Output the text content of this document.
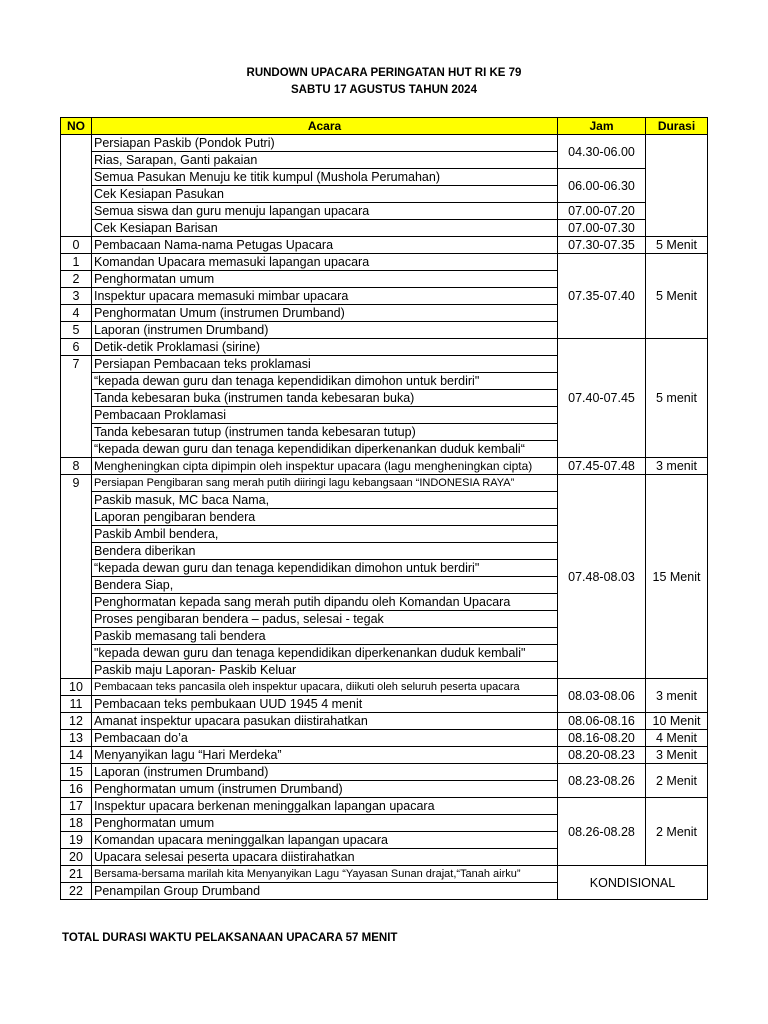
RUNDOWN UPACARA PERINGATAN HUT RI KE 79
SABTU 17 AGUSTUS TAHUN 2024
NO	Acara	Jam	Durasi
	Persiapan Paskib (Pondok Putri)	04.30-06.00	
	Rias, Sarapan, Ganti pakaian		
	Semua Pasukan Menuju ke titik kumpul (Mushola Perumahan)	06.00-06.30	
	Cek Kesiapan Pasukan		
	Semua siswa dan guru menuju lapangan upacara	07.00-07.20	
	Cek Kesiapan Barisan	07.00-07.30	
0	Pembacaan Nama-nama Petugas Upacara	07.30-07.35	5 Menit
1	Komandan Upacara memasuki lapangan upacara	07.35-07.40	5 Menit
2	Penghormatan umum		
3	Inspektur upacara memasuki mimbar upacara		
4	Penghormatan Umum (instrumen Drumband)		
5	Laporan (instrumen Drumband)		
6	Detik-detik Proklamasi (sirine)	07.40-07.45	5 menit
7	Persiapan Pembacaan teks proklamasi		
	“kepada dewan guru dan tenaga kependidikan dimohon untuk berdiri"		
	Tanda kebesaran buka (instrumen tanda kebesaran buka)		
	Pembacaan Proklamasi		
	Tanda kebesaran tutup (instrumen tanda kebesaran tutup)		
	“kepada dewan guru dan tenaga kependidikan diperkenankan duduk kembali“		
8	Mengheningkan cipta dipimpin oleh inspektur upacara (lagu mengheningkan cipta)	07.45-07.48	3 menit
9	Persiapan Pengibaran sang merah putih diiringi lagu kebangsaan “INDONESIA RAYA”	07.48-08.03	15 Menit
	Paskib masuk, MC baca Nama,		
	Laporan pengibaran bendera		
	Paskib Ambil bendera,		
	Bendera diberikan		
	“kepada dewan guru dan tenaga kependidikan dimohon untuk berdiri"		
	Bendera Siap,		
	Penghormatan kepada sang merah putih dipandu oleh Komandan Upacara		
	Proses pengibaran bendera – padus, selesai - tegak		
	Paskib memasang tali bendera		
	"kepada dewan guru dan tenaga kependidikan diperkenankan duduk kembali"		
	Paskib maju Laporan- Paskib Keluar		
10	Pembacaan teks pancasila oleh inspektur upacara, diikuti oleh seluruh peserta upacara	08.03-08.06	3 menit
11	Pembacaan teks pembukaan UUD 1945 4 menit		
12	Amanat inspektur upacara pasukan diistirahatkan	08.06-08.16	10 Menit
13	Pembacaan do’a	08.16-08.20	4 Menit
14	Menyanyikan lagu “Hari Merdeka”	08.20-08.23	3 Menit
15	Laporan (instrumen Drumband)	08.23-08.26	2 Menit
16	Penghormatan umum (instrumen Drumband)		
17	Inspektur upacara berkenan meninggalkan lapangan upacara	08.26-08.28	2 Menit
18	Penghormatan umum		
19	Komandan upacara meninggalkan lapangan upacara		
20	Upacara selesai peserta upacara diistirahatkan		
21	Bersama-bersama marilah kita Menyanyikan Lagu “Yayasan Sunan drajat,“Tanah airku”	KONDISIONAL	
22	Penampilan Group Drumband		
TOTAL DURASI WAKTU PELAKSANAAN UPACARA 57 MENIT
